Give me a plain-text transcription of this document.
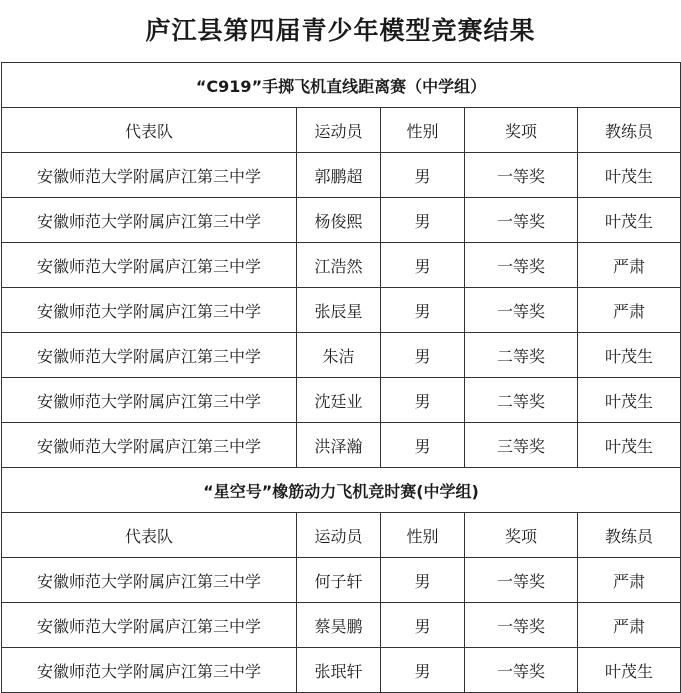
庐江县第四届青少年模型竞赛结果
“C919”手掷飞机直线距离赛（中学组）				
代表队	运动员	性别	奖项	教练员
安徽师范大学附属庐江第三中学	郭鹏超	男	一等奖	叶茂生
安徽师范大学附属庐江第三中学	杨俊熙	男	一等奖	叶茂生
安徽师范大学附属庐江第三中学	江浩然	男	一等奖	严肃
安徽师范大学附属庐江第三中学	张辰星	男	一等奖	严肃
安徽师范大学附属庐江第三中学	朱洁	男	二等奖	叶茂生
安徽师范大学附属庐江第三中学	沈廷业	男	二等奖	叶茂生
安徽师范大学附属庐江第三中学	洪泽瀚	男	三等奖	叶茂生
“星空号”橡筋动力飞机竞时赛(中学组)				
代表队	运动员	性别	奖项	教练员
安徽师范大学附属庐江第三中学	何子轩	男	一等奖	严肃
安徽师范大学附属庐江第三中学	蔡昊鹏	男	一等奖	严肃
安徽师范大学附属庐江第三中学	张珉轩	男	一等奖	叶茂生
